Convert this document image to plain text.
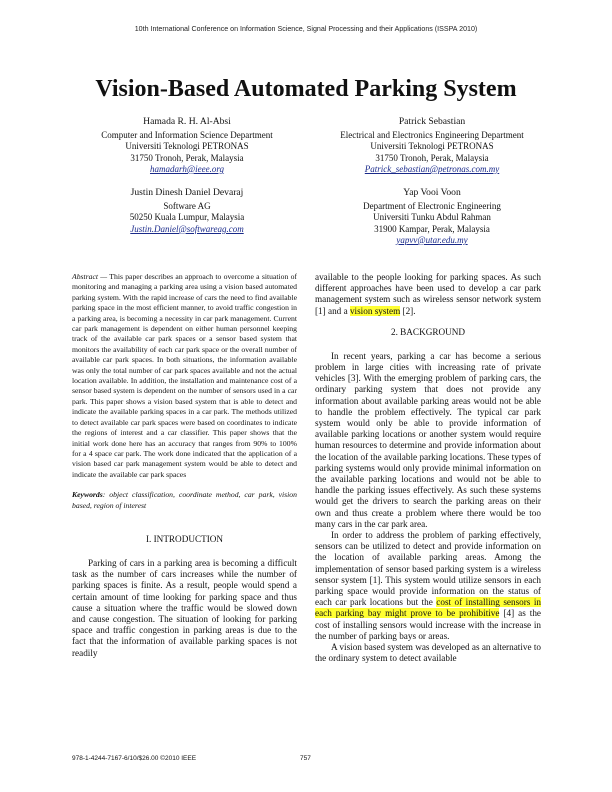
10th International Conference on Information Science, Signal Processing and their Applications (ISSPA 2010)
Vision-Based Automated Parking System
Hamada R. H. Al-Absi
Computer and Information Science Department
Universiti Teknologi PETRONAS
31750 Tronoh, Perak, Malaysia
hamadarh@ieee.org
Patrick Sebastian
Electrical and Electronics Engineering Department
Universiti Teknologi PETRONAS
31750 Tronoh, Perak, Malaysia
Patrick_sebastian@petronas.com.my
Justin Dinesh Daniel Devaraj
Software AG
50250 Kuala Lumpur, Malaysia
Justin.Daniel@softwareag.com
Yap Vooi Voon
Department of Electronic Engineering
Universiti Tunku Abdul Rahman
31900 Kampar, Perak, Malaysia
yapvv@utar.edu.my

Abstract — This paper describes an approach to overcome a situation of monitoring and managing a parking area using a vision based automated parking system. With the rapid increase of cars the need to find available parking space in the most efficient manner, to avoid traffic congestion in a parking area, is becoming a necessity in car park management. Current car park management is dependent on either human personnel keeping track of the available car park spaces or a sensor based system that monitors the availability of each car park space or the overall number of available car park spaces. In both situations, the information available was only the total number of car park spaces available and not the actual location available. In addition, the installation and maintenance cost of a sensor based system is dependent on the number of sensors used in a car park. This paper shows a vision based system that is able to detect and indicate the available parking spaces in a car park. The methods utilized to detect available car park spaces were based on coordinates to indicate the regions of interest and a car classifier. This paper shows that the initial work done here has an accuracy that ranges from 90% to 100% for a 4 space car park. The work done indicated that the application of a vision based car park management system would be able to detect and indicate the available car park spaces

Keywords: object classification, coordinate method, car park, vision based, region of interest

I. INTRODUCTION

Parking of cars in a parking area is becoming a difficult task as the number of cars increases while the number of parking spaces is finite. As a result, people would spend a certain amount of time looking for parking space and thus cause a situation where the traffic would be slowed down and cause congestion. The situation of looking for parking space and traffic congestion in parking areas is due to the fact that the information of available parking spaces is not readily

available to the people looking for parking spaces. As such different approaches have been used to develop a car park management system such as wireless sensor network system [1] and a vision system [2].

2. BACKGROUND

In recent years, parking a car has become a serious problem in large cities with increasing rate of private vehicles [3]. With the emerging problem of parking cars, the ordinary parking system that does not provide any information about available parking areas would not be able to handle the problem effectively. The typical car park system would only be able to provide information of available parking locations or another system would require human resources to determine and provide information about the location of the available parking locations. These types of parking systems would only provide minimal information on the available parking locations and would not be able to handle the parking issues effectively. As such these systems would get the drivers to search the parking areas on their own and thus create a problem where there would be too many cars in the car park area.

In order to address the problem of parking effectively, sensors can be utilized to detect and provide information on the location of available parking areas. Among the implementation of sensor based parking system is a wireless sensor system [1]. This system would utilize sensors in each parking space would provide information on the status of each car park locations but the cost of installing sensors in each parking bay might prove to be prohibitive [4] as the cost of installing sensors would increase with the increase in the number of parking bays or areas.

A vision based system was developed as an alternative to the ordinary system to detect available

978-1-4244-7167-6/10/$26.00 ©2010 IEEE	757
